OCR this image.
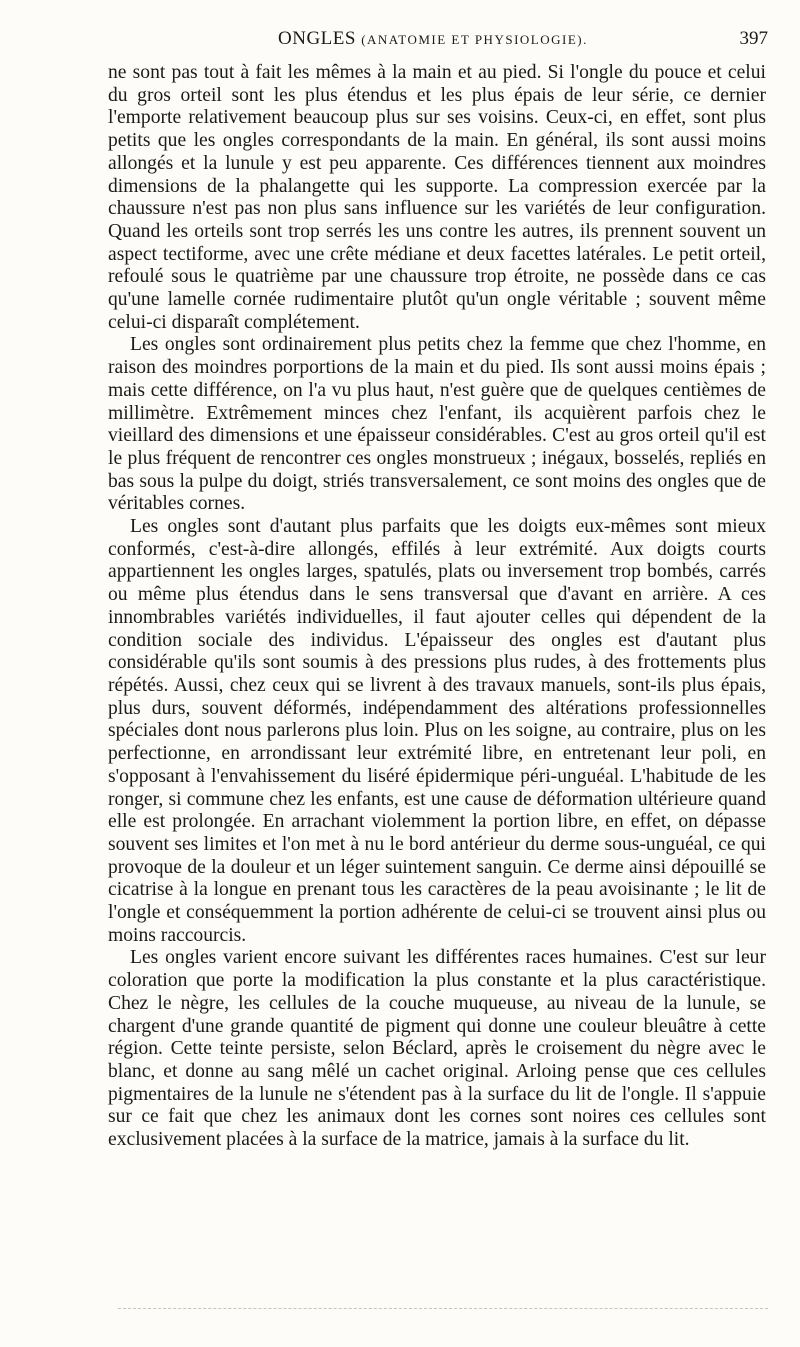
ONGLES (ANATOMIE ET PHYSIOLOGIE).	397

ne sont pas tout à fait les mêmes à la main et au pied. Si l'ongle du pouce et celui du gros orteil sont les plus étendus et les plus épais de leur série, ce dernier l'emporte relativement beaucoup plus sur ses voisins. Ceux-ci, en effet, sont plus petits que les ongles correspondants de la main. En général, ils sont aussi moins allongés et la lunule y est peu apparente. Ces différences tiennent aux moindres dimensions de la phalangette qui les supporte. La compression exercée par la chaussure n'est pas non plus sans influence sur les variétés de leur configuration. Quand les orteils sont trop serrés les uns contre les autres, ils prennent souvent un aspect tectiforme, avec une crête médiane et deux facettes latérales. Le petit orteil, refoulé sous le quatrième par une chaussure trop étroite, ne possède dans ce cas qu'une lamelle cornée rudimentaire plutôt qu'un ongle véritable ; souvent même celui-ci disparaît complétement.

Les ongles sont ordinairement plus petits chez la femme que chez l'homme, en raison des moindres porportions de la main et du pied. Ils sont aussi moins épais ; mais cette différence, on l'a vu plus haut, n'est guère que de quelques centièmes de millimètre. Extrêmement minces chez l'enfant, ils acquièrent parfois chez le vieillard des dimensions et une épaisseur considérables. C'est au gros orteil qu'il est le plus fréquent de rencontrer ces ongles monstrueux ; inégaux, bosselés, repliés en bas sous la pulpe du doigt, striés transversalement, ce sont moins des ongles que de véritables cornes.

Les ongles sont d'autant plus parfaits que les doigts eux-mêmes sont mieux conformés, c'est-à-dire allongés, effilés à leur extrémité. Aux doigts courts appartiennent les ongles larges, spatulés, plats ou inversement trop bombés, carrés ou même plus étendus dans le sens transversal que d'avant en arrière. A ces innombrables variétés individuelles, il faut ajouter celles qui dépendent de la condition sociale des individus. L'épaisseur des ongles est d'autant plus considérable qu'ils sont soumis à des pressions plus rudes, à des frottements plus répétés. Aussi, chez ceux qui se livrent à des travaux manuels, sont-ils plus épais, plus durs, souvent déformés, indépendamment des altérations professionnelles spéciales dont nous parlerons plus loin. Plus on les soigne, au contraire, plus on les perfectionne, en arrondissant leur extrémité libre, en entretenant leur poli, en s'opposant à l'envahissement du liséré épidermique péri-unguéal. L'habitude de les ronger, si commune chez les enfants, est une cause de déformation ultérieure quand elle est prolongée. En arrachant violemment la portion libre, en effet, on dépasse souvent ses limites et l'on met à nu le bord antérieur du derme sous-unguéal, ce qui provoque de la douleur et un léger suintement sanguin. Ce derme ainsi dépouillé se cicatrise à la longue en prenant tous les caractères de la peau avoisinante ; le lit de l'ongle et conséquemment la portion adhérente de celui-ci se trouvent ainsi plus ou moins raccourcis.

Les ongles varient encore suivant les différentes races humaines. C'est sur leur coloration que porte la modification la plus constante et la plus caractéristique. Chez le nègre, les cellules de la couche muqueuse, au niveau de la lunule, se chargent d'une grande quantité de pigment qui donne une couleur bleuâtre à cette région. Cette teinte persiste, selon Béclard, après le croisement du nègre avec le blanc, et donne au sang mêlé un cachet original. Arloing pense que ces cellules pigmentaires de la lunule ne s'étendent pas à la surface du lit de l'ongle. Il s'appuie sur ce fait que chez les animaux dont les cornes sont noires ces cellules sont exclusivement placées à la surface de la matrice, jamais à la surface du lit.
